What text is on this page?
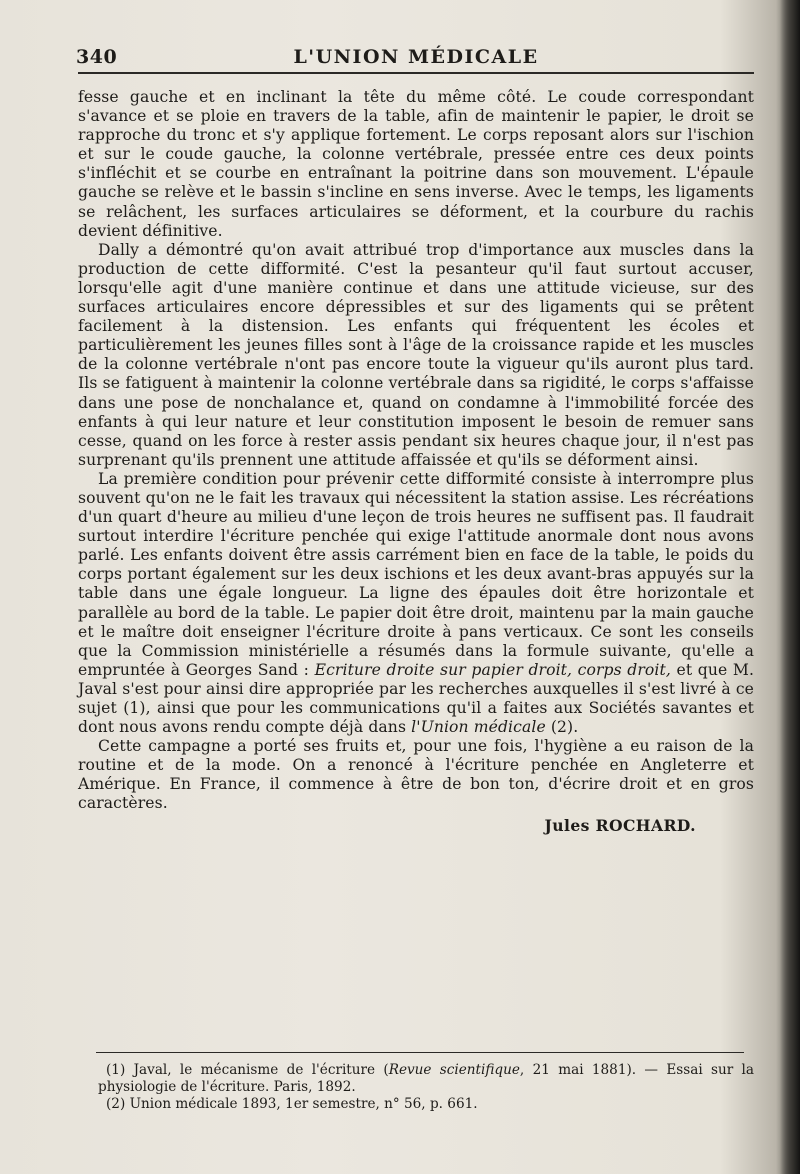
340	L'UNION MÉDICALE

fesse gauche et en inclinant la tête du même côté. Le coude correspondant s'avance et se ploie en travers de la table, afin de maintenir le papier, le droit se rapproche du tronc et s'y applique fortement. Le corps reposant alors sur l'ischion et sur le coude gauche, la colonne vertébrale, pressée entre ces deux points s'infléchit et se courbe en entraînant la poitrine dans son mouvement. L'épaule gauche se relève et le bassin s'incline en sens inverse. Avec le temps, les ligaments se relâchent, les surfaces articulaires se déforment, et la courbure du rachis devient définitive.

Dally a démontré qu'on avait attribué trop d'importance aux muscles dans la production de cette difformité. C'est la pesanteur qu'il faut surtout accuser, lorsqu'elle agit d'une manière continue et dans une attitude vicieuse, sur des surfaces articulaires encore dépressibles et sur des ligaments qui se prêtent facilement à la distension. Les enfants qui fréquentent les écoles et particulièrement les jeunes filles sont à l'âge de la croissance rapide et les muscles de la colonne vertébrale n'ont pas encore toute la vigueur qu'ils auront plus tard. Ils se fatiguent à maintenir la colonne vertébrale dans sa rigidité, le corps s'affaisse dans une pose de nonchalance et, quand on condamne à l'immobilité forcée des enfants à qui leur nature et leur constitution imposent le besoin de remuer sans cesse, quand on les force à rester assis pendant six heures chaque jour, il n'est pas surprenant qu'ils prennent une attitude affaissée et qu'ils se déforment ainsi.

La première condition pour prévenir cette difformité consiste à interrompre plus souvent qu'on ne le fait les travaux qui nécessitent la station assise. Les récréations d'un quart d'heure au milieu d'une leçon de trois heures ne suffisent pas. Il faudrait surtout interdire l'écriture penchée qui exige l'attitude anormale dont nous avons parlé. Les enfants doivent être assis carrément bien en face de la table, le poids du corps portant également sur les deux ischions et les deux avant-bras appuyés sur la table dans une égale longueur. La ligne des épaules doit être horizontale et parallèle au bord de la table. Le papier doit être droit, maintenu par la main gauche et le maître doit enseigner l'écriture droite à pans verticaux. Ce sont les conseils que la Commission ministérielle a résumés dans la formule suivante, qu'elle a empruntée à Georges Sand : Ecriture droite sur papier droit, corps droit, et que M. Javal s'est pour ainsi dire appropriée par les recherches auxquelles il s'est livré à ce sujet (1), ainsi que pour les communications qu'il a faites aux Sociétés savantes et dont nous avons rendu compte déjà dans l'Union médicale (2).

Cette campagne a porté ses fruits et, pour une fois, l'hygiène a eu raison de la routine et de la mode. On a renoncé à l'écriture penchée en Angleterre et Amérique. En France, il commence à être de bon ton, d'écrire droit et en gros caractères.

Jules ROCHARD.

(1) Javal, le mécanisme de l'écriture (Revue scientifique, 21 mai 1881). — Essai sur la physiologie de l'écriture. Paris, 1892.

(2) Union médicale 1893, 1er semestre, n° 56, p. 661.
